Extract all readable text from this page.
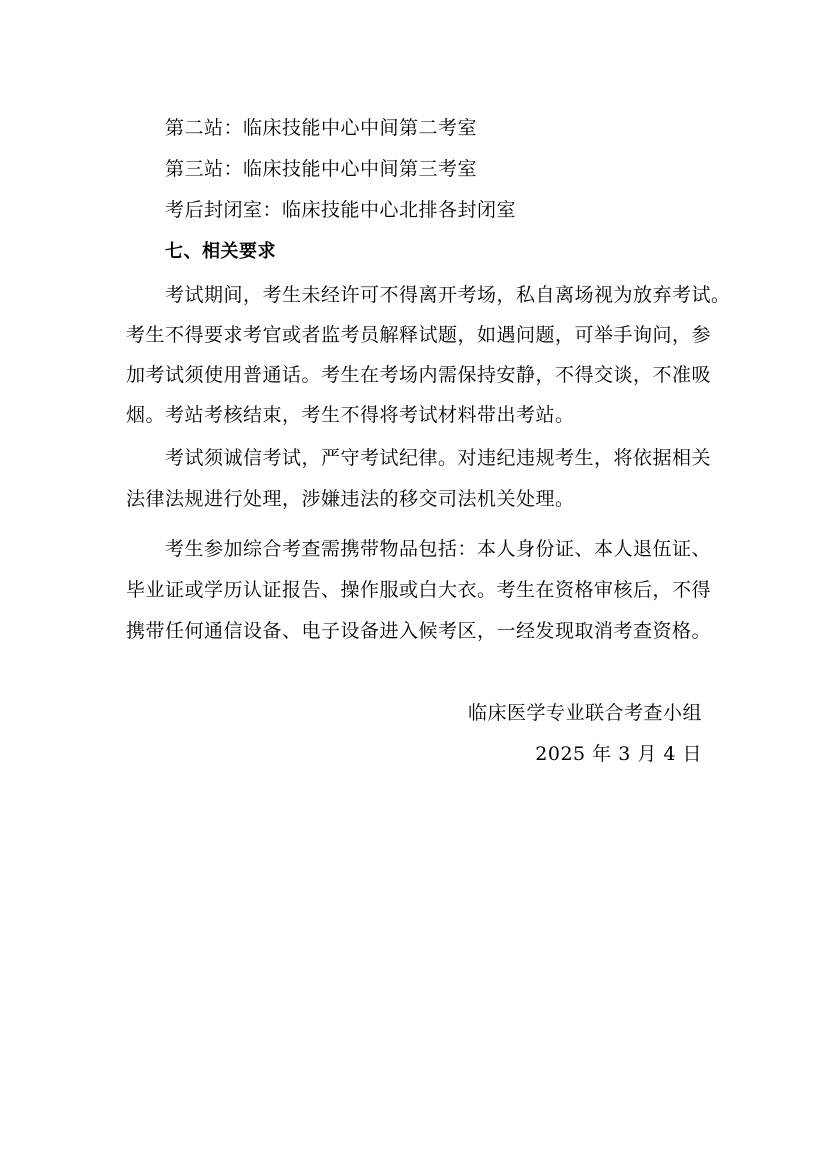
第二站：临床技能中心中间第二考室
第三站：临床技能中心中间第三考室
考后封闭室：临床技能中心北排各封闭室
七、相关要求
考试期间，考生未经许可不得离开考场，私自离场视为放弃考试。
考生不得要求考官或者监考员解释试题，如遇问题，可举手询问，参
加考试须使用普通话。考生在考场内需保持安静，不得交谈，不准吸
烟。考站考核结束，考生不得将考试材料带出考站。
考试须诚信考试，严守考试纪律。对违纪违规考生，将依据相关
法律法规进行处理，涉嫌违法的移交司法机关处理。
考生参加综合考查需携带物品包括：本人身份证、本人退伍证、
毕业证或学历认证报告、操作服或白大衣。考生在资格审核后，不得
携带任何通信设备、电子设备进入候考区，一经发现取消考查资格。
临床医学专业联合考查小组
2025 年 3 月 4 日
